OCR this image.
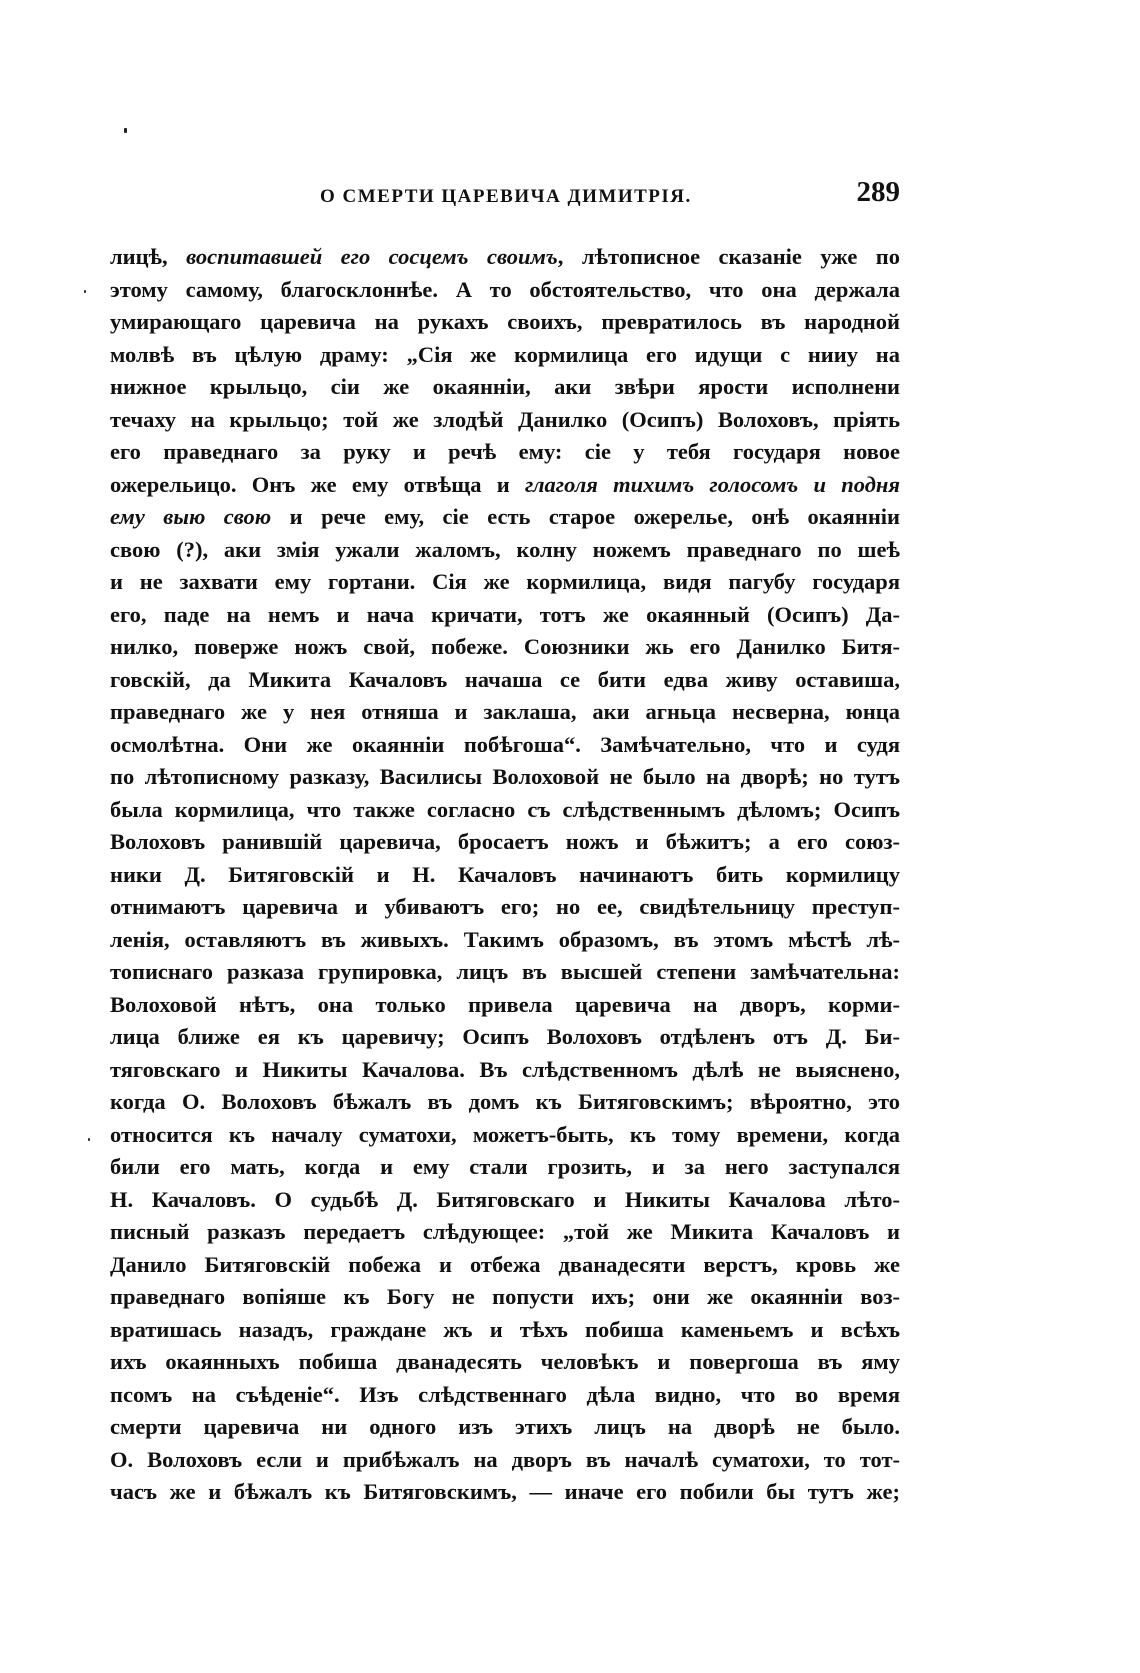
О СМЕРТИ ЦАРЕВИЧА ДИМИТРІЯ.	289
лицѣ, воспитавшей его сосцемъ своимъ, лѣтописное сказаніе уже по
этому самому, благосклоннѣе. А то обстоятельство, что она держала
умирающаго царевича на рукахъ своихъ, превратилось въ народной
молвѣ въ цѣлую драму: „Сія же кормилица его идущи с нииу на
нижное крыльцо, сіи же окаяннiи, аки звѣри ярости исполнени
течаху на крыльцо; той же злодѣй Данилко (Осипъ) Волоховъ, пріять
его праведнаго за руку и речѣ ему: сіе у тебя государя новое
ожерельицо. Онъ же ему отвѣща и глаголя тихимъ голосомъ и подня
ему выю свою и рече ему, сіе есть старое ожерелье, онѣ окаяннiи
свою (?), аки змія ужали жаломъ, колну ножемъ праведнаго по шеѣ
и не захвати ему гортани. Сія же кормилица, видя пагубу государя
его, паде на немъ и нача кричати, тотъ же окаянный (Осипъ) Да-
нилко, поверже ножъ свой, побеже. Союзники жь его Данилко Битя-
говскій, да Микита Качаловъ начаша се бити едва живу оставиша,
праведнаго же у нея отняша и заклаша, аки агньца несверна, юнца
осмолѣтна. Они же окаяннiи побѣгоша“. Замѣчательно, что и судя
по лѣтописному разказу, Василисы Волоховой не было на дворѣ; но тутъ
была кормилица, что также согласно съ слѣдственнымъ дѣломъ; Осипъ
Волоховъ ранившій царевича, бросаетъ ножъ и бѣжитъ; а его союз-
ники Д. Битяговскій и Н. Качаловъ начинаютъ бить кормилицу
отнимаютъ царевича и убиваютъ его; но ее, свидѣтельницу преступ-
ленія, оставляютъ въ живыхъ. Такимъ образомъ, въ этомъ мѣстѣ лѣ-
тописнаго разказа групировка, лицъ въ высшей степени замѣчательна:
Волоховой нѣтъ, она только привела царевича на дворъ, корми-
лица ближе ея къ царевичу; Осипъ Волоховъ отдѣленъ отъ Д. Би-
тяговскаго и Никиты Качалова. Въ слѣдственномъ дѣлѣ не выяснено,
когда О. Волоховъ бѣжалъ въ домъ къ Битяговскимъ; вѣроятно, это
относится къ началу суматохи, можетъ-быть, къ тому времени, когда
били его мать, когда и ему стали грозить, и за него заступался
Н. Качаловъ. О судьбѣ Д. Битяговскаго и Никиты Качалова лѣто-
писный разказъ передаетъ слѣдующее: „той же Микита Качаловъ и
Данило Битяговскій побежа и отбежа дванадесяти верстъ, кровь же
праведнаго вопіяше къ Богу не попусти ихъ; они же окаяннiи воз-
вратишась назадъ, граждане жъ и тѣхъ побиша каменьемъ и всѣхъ
ихъ окаянныхъ побиша дванадесять человѣкъ и повергоша въ яму
псомъ на съѣденіе“. Изъ слѣдственнаго дѣла видно, что во время
смерти царевича ни одного изъ этихъ лицъ на дворѣ не было.
О. Волоховъ если и прибѣжалъ на дворъ въ началѣ суматохи, то тот-
часъ же и бѣжалъ къ Битяговскимъ, — иначе его побили бы тутъ же;
